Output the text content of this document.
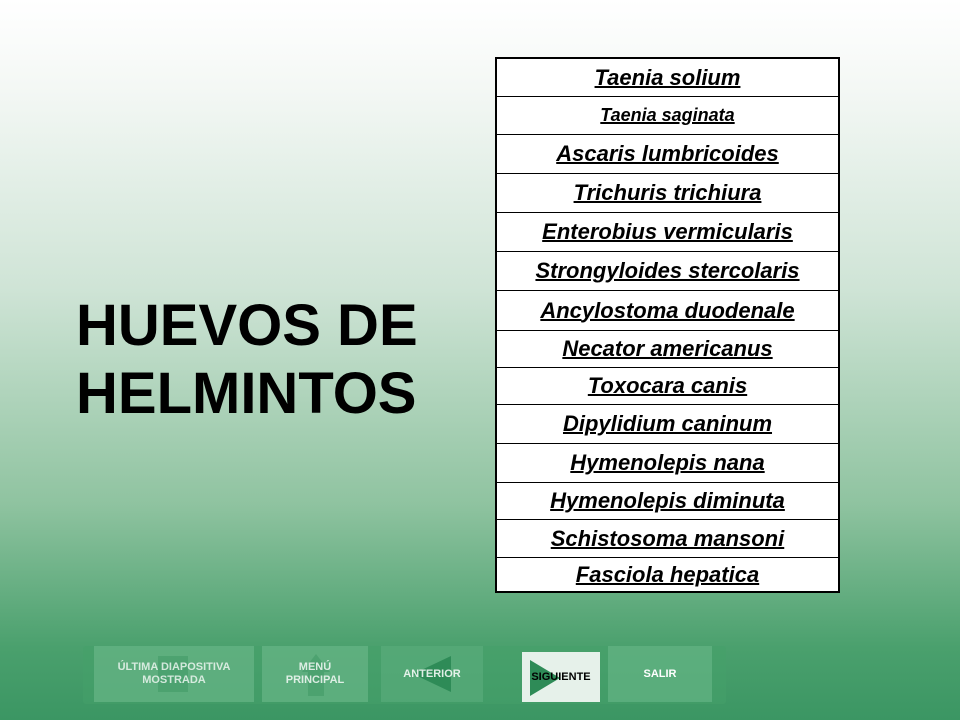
HUEVOS DE
HELMINTOS
Taenia solium
Taenia saginata
Ascaris lumbricoides
Trichuris trichiura
Enterobius vermicularis
Strongyloides stercolaris
Ancylostoma duodenale
Necator americanus
Toxocara canis
Dipylidium caninum
Hymenolepis nana
Hymenolepis diminuta
Schistosoma mansoni
Fasciola hepatica
ÚLTIMA DIAPOSITIVA
MOSTRADA
MENÚ
PRINCIPAL
ANTERIOR	SIGUIENTE	SALIR
